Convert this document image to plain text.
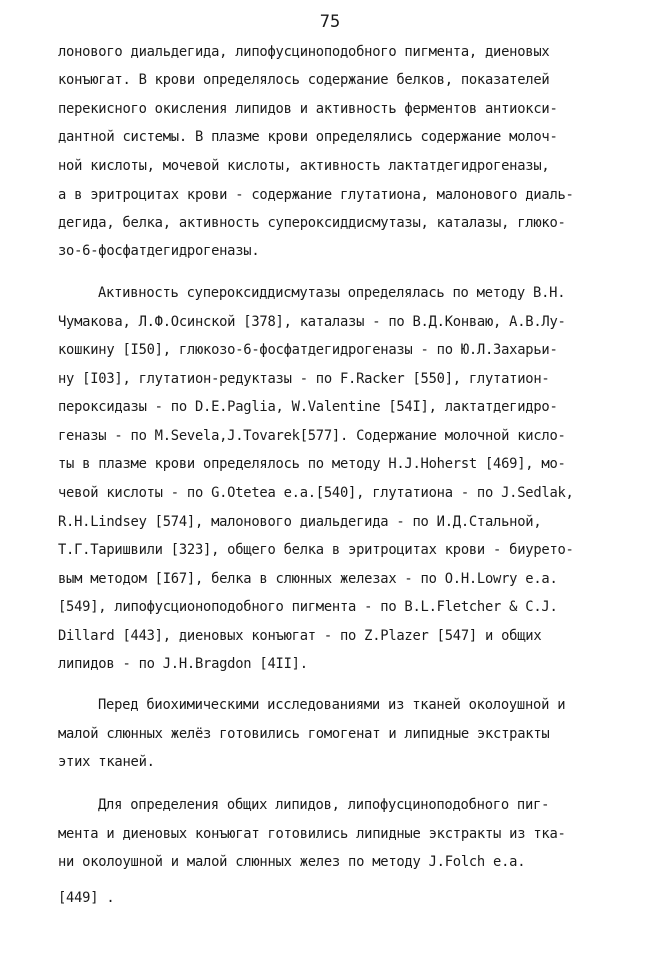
75
лонового диальдегида, липофусциноподобного пигмента, диеновых
конъюгат. В крови определялось содержание белков, показателей
перекисного окисления липидов и активность ферментов антиокси-
дантной системы. В плазме крови определялись содержание молоч-
ной кислоты, мочевой кислоты, активность лактатдегидрогеназы,
а в эритроцитах крови - содержание глутатиона, малонового диаль-
дегида, белка, активность супероксиддисмутазы, каталазы, глюко-
зо-6-фосфатдегидрогеназы.
Активность супероксиддисмутазы определялась по методу В.Н.
Чумакова, Л.Ф.Осинской [378], каталазы - по В.Д.Конваю, А.В.Лу-
кошкину [I50], глюкозо-6-фосфатдегидрогеназы - по Ю.Л.Захарьи-
ну [I03], глутатион-редуктазы - по F.Racker [550], глутатион-
пероксидазы - по D.E.Paglia, W.Valentine [54I], лактатдегидро-
геназы - по M.Sevela,J.Tovarek[577]. Содержание молочной кисло-
ты в плазме крови определялось по методу H.J.Hoherst [469], мо-
чевой кислоты - по G.Otetea e.a.[540], глутатиона - по J.Sedlak,
R.H.Lindsey [574], малонового диальдегида - по И.Д.Стальной,
Т.Г.Таришвили [323], общего белка в эритроцитах крови - биурето-
вым методом [I67], белка в слюнных железах - по O.H.Lowry e.a.
[549], липофусционоподобного пигмента - по B.L.Fletcher & C.J.
Dillard [443], диеновых конъюгат - по Z.Plazer [547] и общих
липидов - по J.H.Bragdon [4II].
Перед биохимическими исследованиями из тканей околоушной и
малой слюнных желёз готовились гомогенат и липидные экстракты
этих тканей.
Для определения общих липидов, липофусциноподобного пиг-
мента и диеновых конъюгат готовились липидные экстракты из тка-
ни околоушной и малой слюнных желез по методу J.Folch e.a.
[449] .
